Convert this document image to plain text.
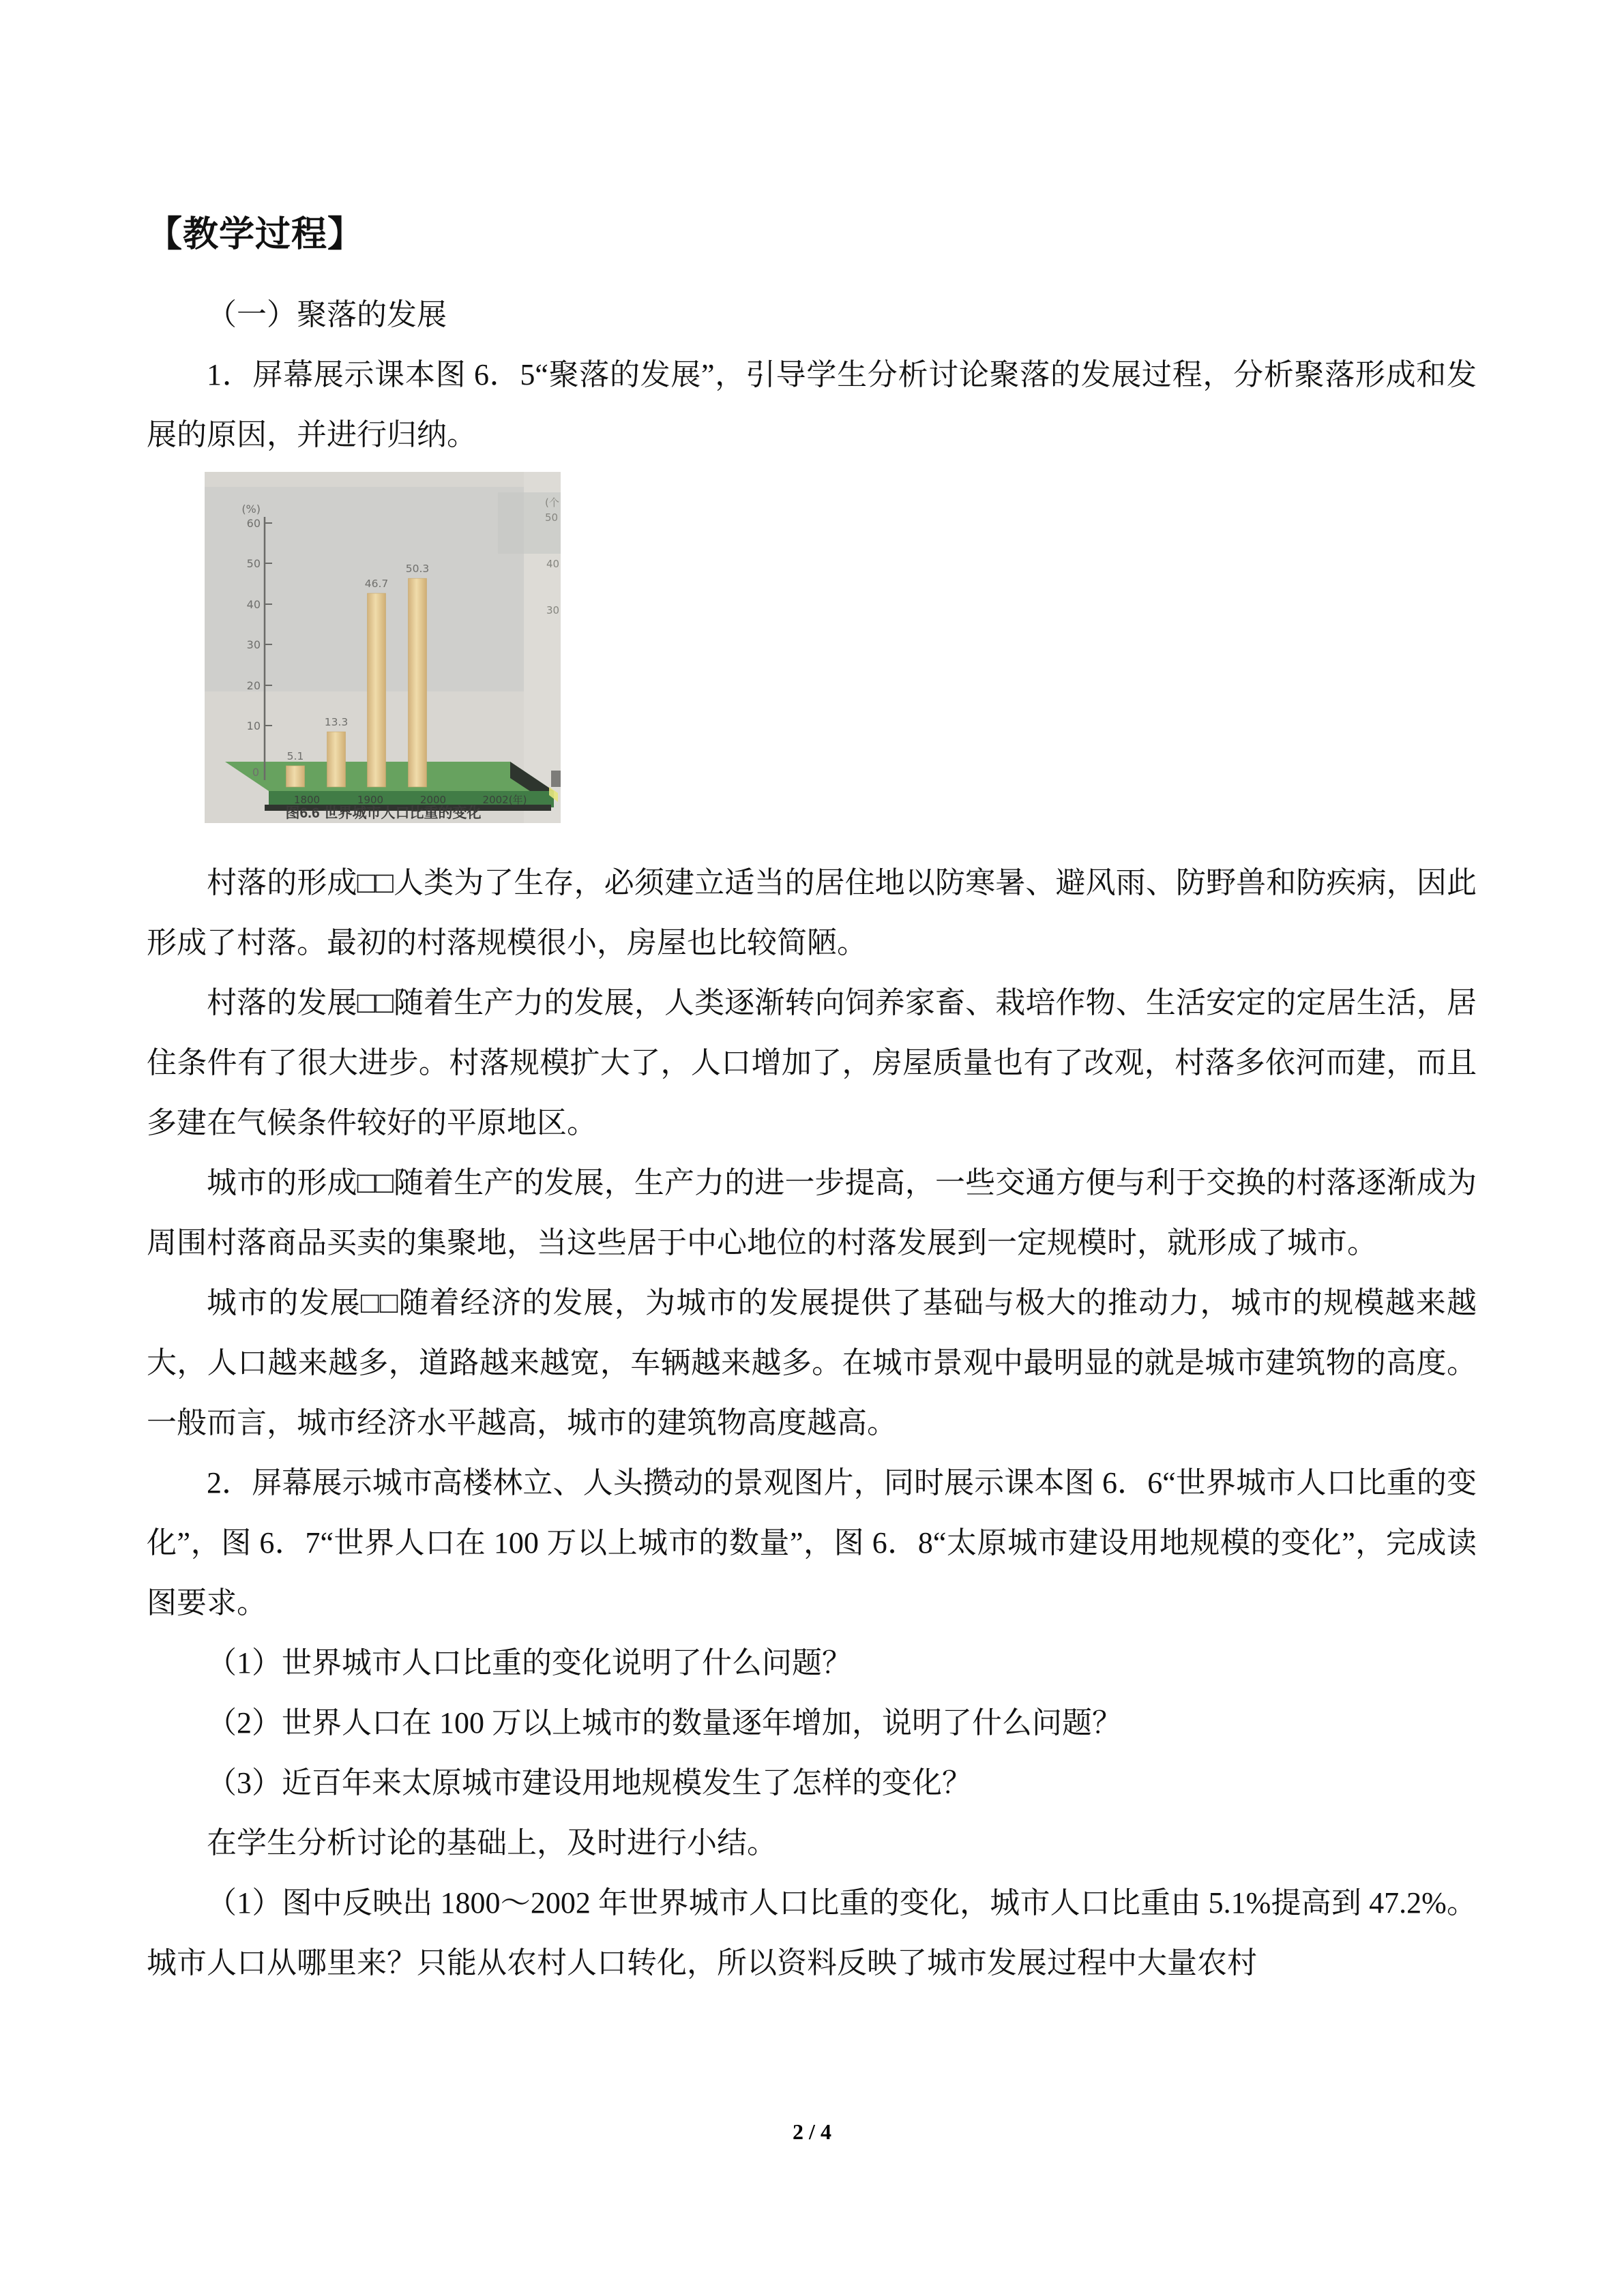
【教学过程】

（一）聚落的发展

1．屏幕展示课本图 6．5“聚落的发展”，引导学生分析讨论聚落的发展过程，分析聚落形成和发展的原因，并进行归纳。

(%)
60
50
40
30
20
10
0
5.1
13.3
46.7
50.3
1800	1900	2000	2002(年)
(个
50
40
30
图6.6 世界城市人口比重的变化

村落的形成□□人类为了生存，必须建立适当的居住地以防寒暑、避风雨、防野兽和防疾病，因此形成了村落。最初的村落规模很小，房屋也比较简陋。

村落的发展□□随着生产力的发展，人类逐渐转向饲养家畜、栽培作物、生活安定的定居生活，居住条件有了很大进步。村落规模扩大了，人口增加了，房屋质量也有了改观，村落多依河而建，而且多建在气候条件较好的平原地区。

城市的形成□□随着生产的发展，生产力的进一步提高，一些交通方便与利于交换的村落逐渐成为周围村落商品买卖的集聚地，当这些居于中心地位的村落发展到一定规模时，就形成了城市。

城市的发展□□随着经济的发展，为城市的发展提供了基础与极大的推动力，城市的规模越来越大，人口越来越多，道路越来越宽，车辆越来越多。在城市景观中最明显的就是城市建筑物的高度。一般而言，城市经济水平越高，城市的建筑物高度越高。

2．屏幕展示城市高楼林立、人头攒动的景观图片，同时展示课本图 6．6“世界城市人口比重的变化”，图 6．7“世界人口在 100 万以上城市的数量”，图 6．8“太原城市建设用地规模的变化”，完成读图要求。

（1）世界城市人口比重的变化说明了什么问题？

（2）世界人口在 100 万以上城市的数量逐年增加，说明了什么问题？

（3）近百年来太原城市建设用地规模发生了怎样的变化？

在学生分析讨论的基础上，及时进行小结。

（1）图中反映出 1800～2002 年世界城市人口比重的变化，城市人口比重由 5.1%提高到 47.2%。城市人口从哪里来？只能从农村人口转化，所以资料反映了城市发展过程中大量农村

2 / 4
